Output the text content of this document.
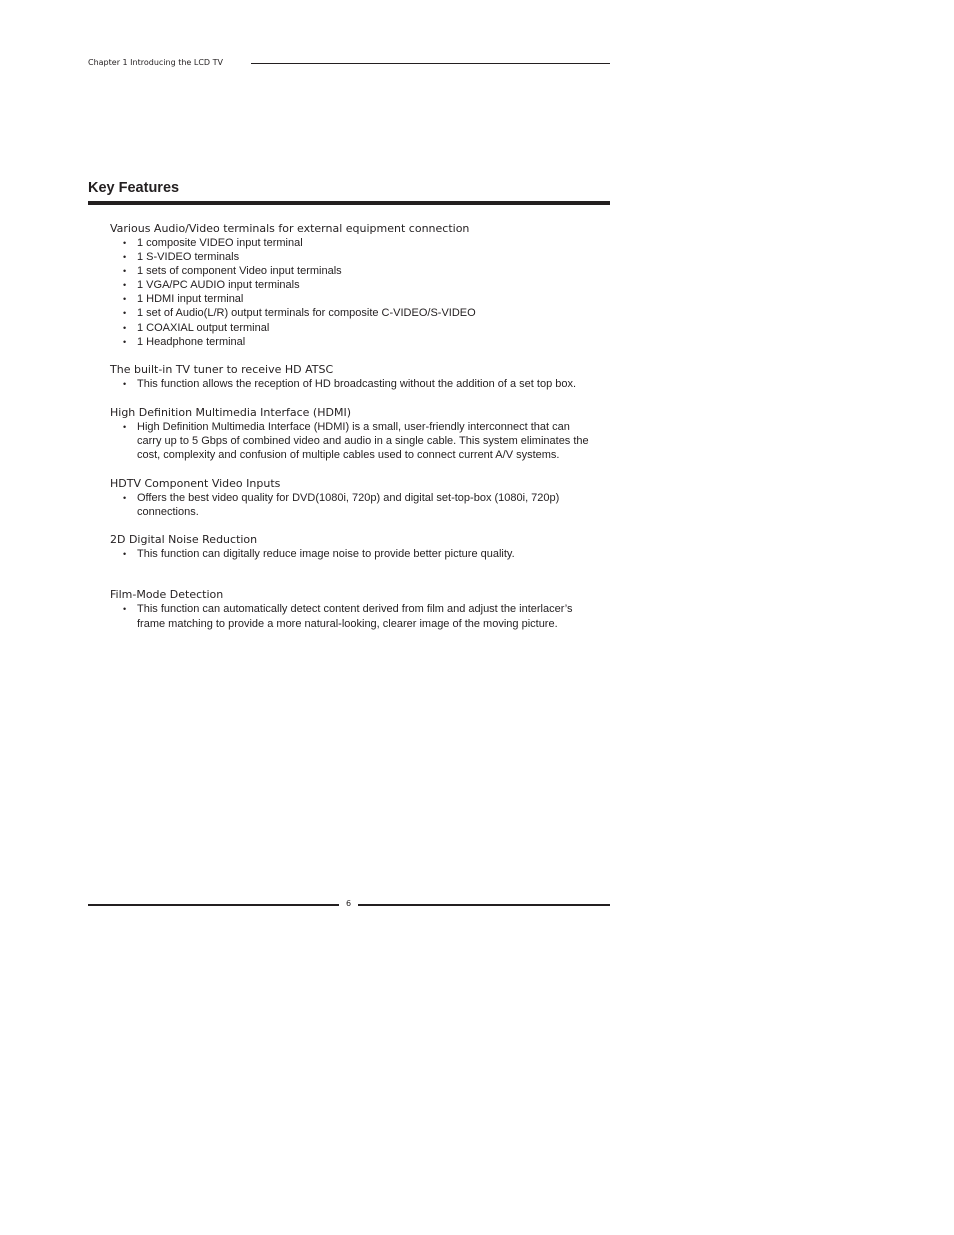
Chapter 1 Introducing the LCD TV
Key Features
Various Audio/Video terminals for external equipment connection
• 1 composite VIDEO input terminal
• 1 S-VIDEO terminals
• 1 sets of component Video input terminals
• 1 VGA/PC AUDIO input terminals
• 1 HDMI input terminal
• 1 set of Audio(L/R) output terminals for composite C-VIDEO/S-VIDEO
• 1 COAXIAL output terminal
• 1 Headphone terminal
The built-in TV tuner to receive HD ATSC
• This function allows the reception of HD broadcasting without the addition of a set top box.
High Definition Multimedia Interface (HDMI)
• High Definition Multimedia Interface (HDMI) is a small, user-friendly interconnect that can carry up to 5 Gbps of combined video and audio in a single cable. This system eliminates the cost, complexity and confusion of multiple cables used to connect current A/V systems.
HDTV Component Video Inputs
• Offers the best video quality for DVD(1080i, 720p) and digital set-top-box (1080i, 720p) connections.
2D Digital Noise Reduction
• This function can digitally reduce image noise to provide better picture quality.
Film-Mode Detection
• This function can automatically detect content derived from film and adjust the interlacer’s frame matching to provide a more natural-looking, clearer image of the moving picture.
6
